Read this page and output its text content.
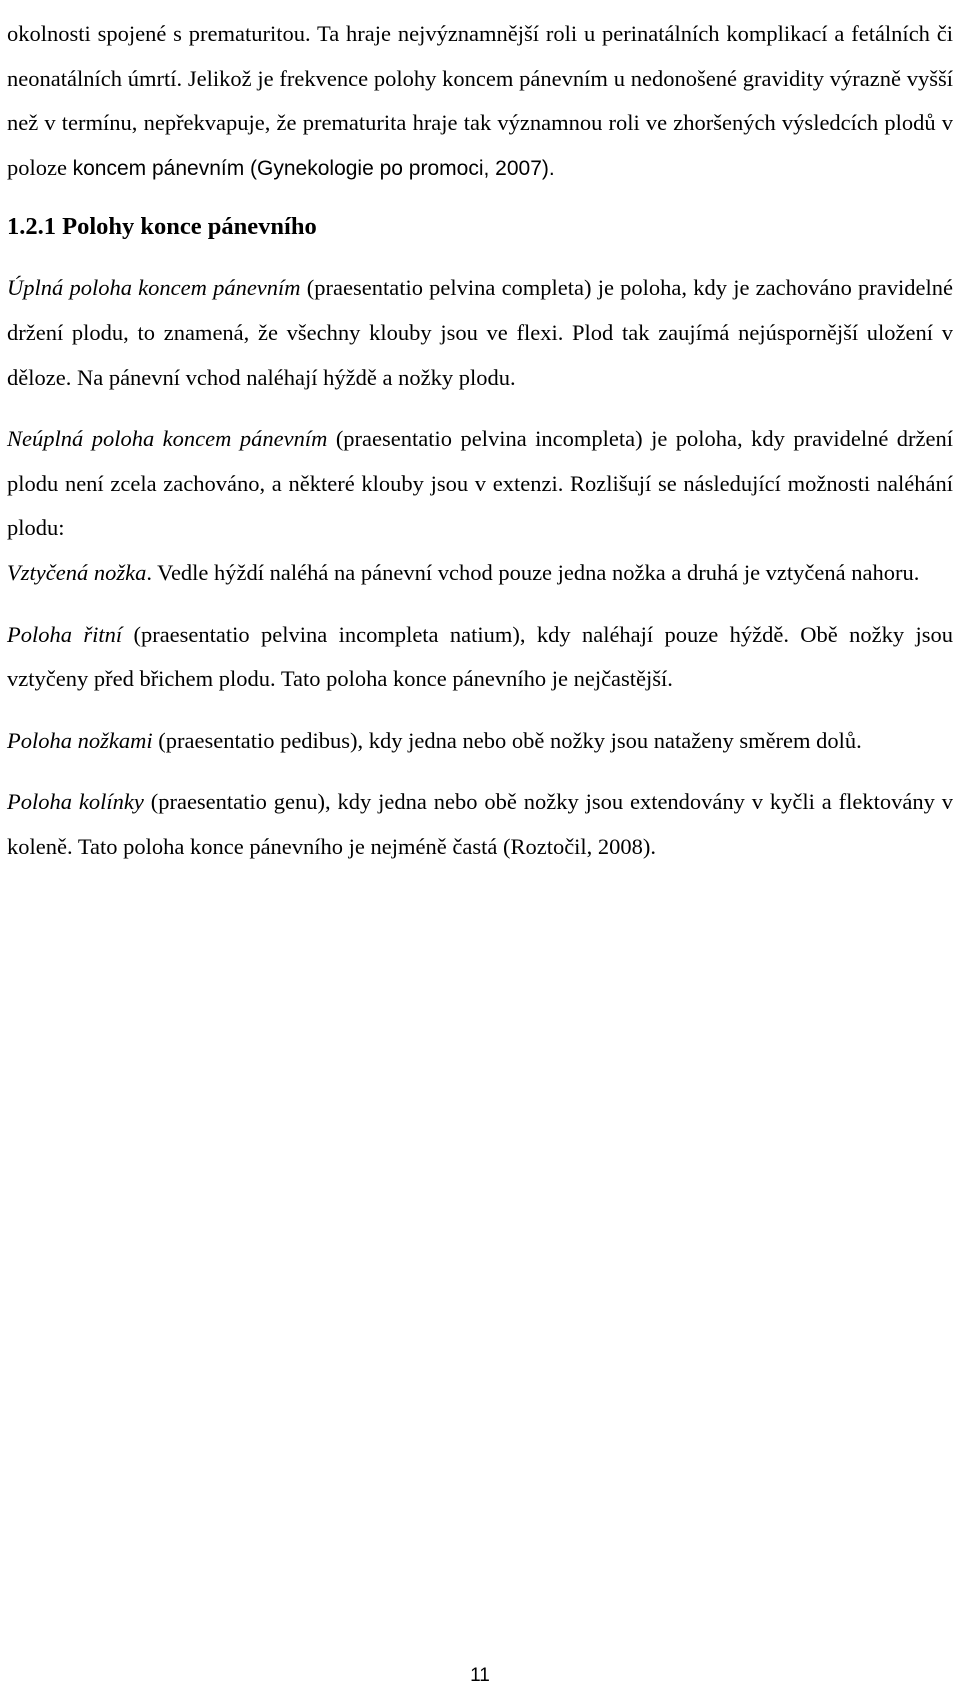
okolnosti spojené s prematuritou. Ta hraje nejvýznamnější roli u perinatálních komplikací a fetálních či neonatálních úmrtí. Jelikož je frekvence polohy koncem pánevním u nedonošené gravidity výrazně vyšší než v termínu, nepřekvapuje, že prematurita hraje tak významnou roli ve zhoršených výsledcích plodů v poloze koncem pánevním (Gynekologie po promoci, 2007).

1.2.1 Polohy konce pánevního

Úplná poloha koncem pánevním (praesentatio pelvina completa) je poloha, kdy je zachováno pravidelné držení plodu, to znamená, že všechny klouby jsou ve flexi. Plod tak zaujímá nejúspornější uložení v děloze. Na pánevní vchod naléhají hýždě a nožky plodu.

Neúplná poloha koncem pánevním (praesentatio pelvina incompleta) je poloha, kdy pravidelné držení plodu není zcela zachováno, a některé klouby jsou v extenzi. Rozlišují se následující možnosti naléhání plodu:

Vztyčená nožka. Vedle hýždí naléhá na pánevní vchod pouze jedna nožka a druhá je vztyčená nahoru.

Poloha řitní (praesentatio pelvina incompleta natium), kdy naléhají pouze hýždě. Obě nožky jsou vztyčeny před břichem plodu. Tato poloha konce pánevního je nejčastější.

Poloha nožkami (praesentatio pedibus), kdy jedna nebo obě nožky jsou nataženy směrem dolů.

Poloha kolínky (praesentatio genu), kdy jedna nebo obě nožky jsou extendovány v kyčli a flektovány v koleně. Tato poloha konce pánevního je nejméně častá (Roztočil, 2008).

11
